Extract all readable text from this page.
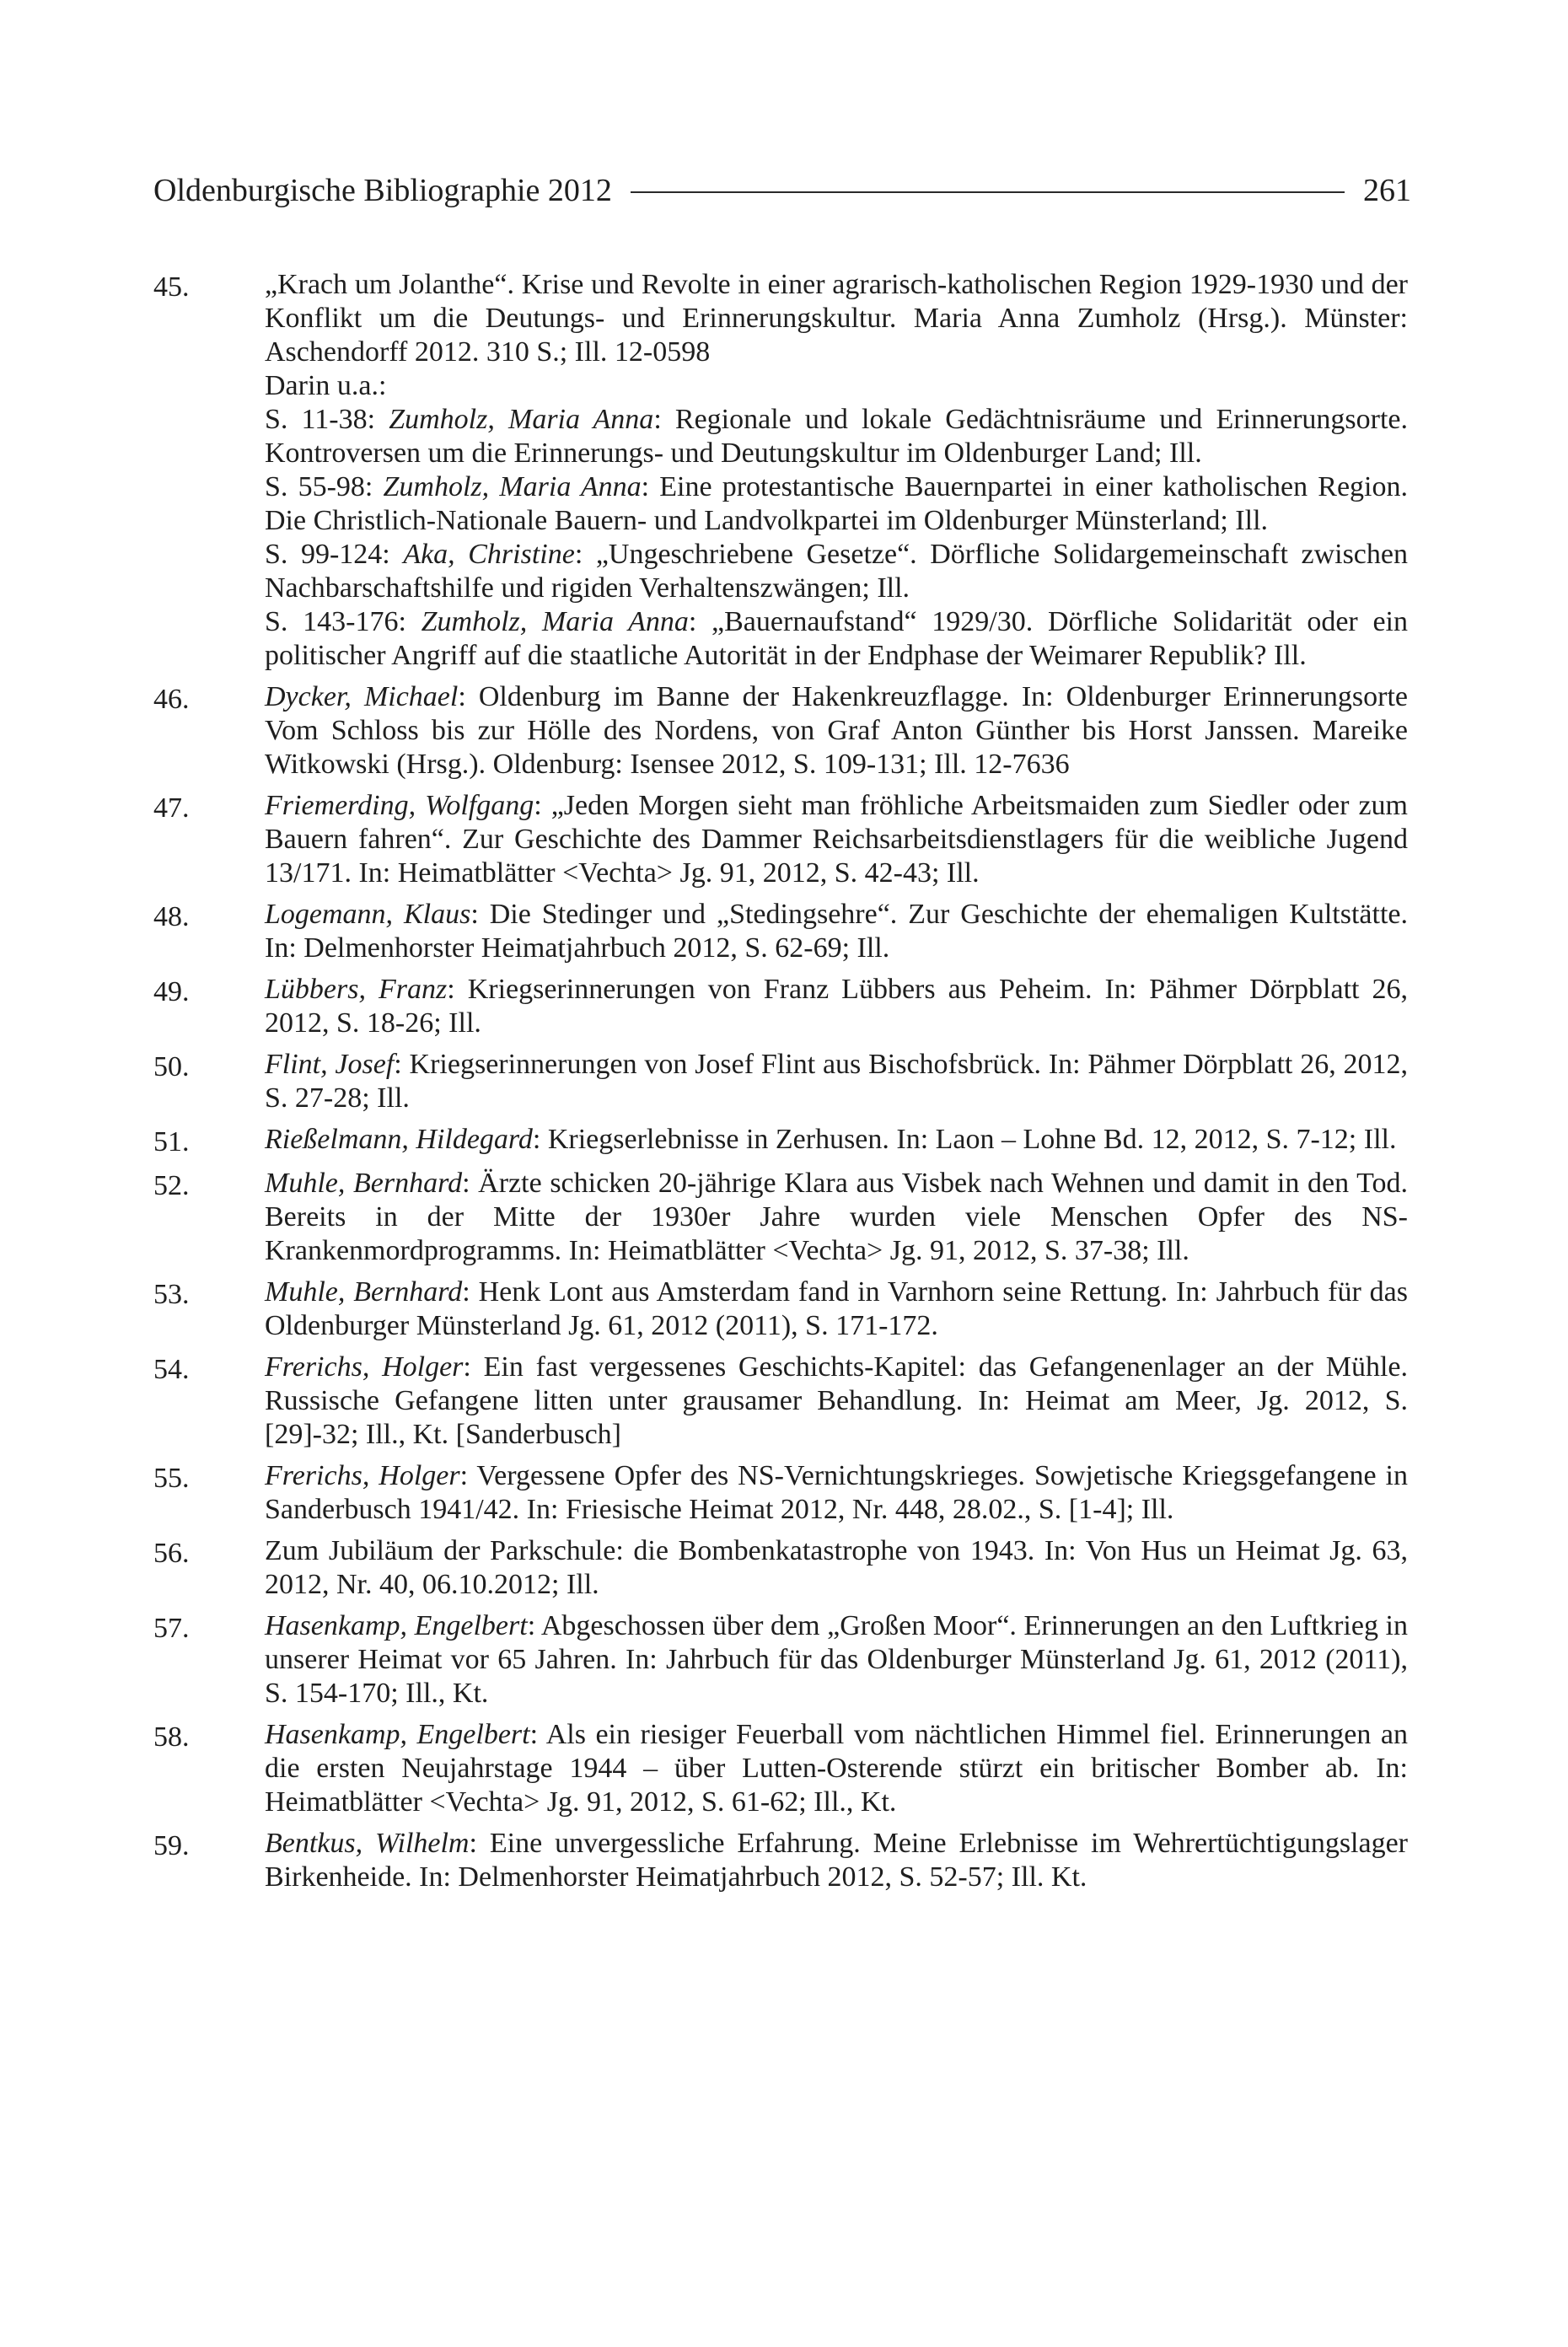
Oldenburgische Bibliographie 2012	261
45.	„Krach um Jolanthe“. Krise und Revolte in einer agrarisch-katholischen Region 1929-1930 und der Konflikt um die Deutungs- und Erinnerungskultur. Maria Anna Zumholz (Hrsg.). Münster: Aschendorff 2012. 310 S.; Ill. 12-0598

Darin u.a.:

S. 11-38: Zumholz, Maria Anna: Regionale und lokale Gedächtnisräume und Erinnerungsorte. Kontroversen um die Erinnerungs- und Deutungskultur im Oldenburger Land; Ill.

S. 55-98: Zumholz, Maria Anna: Eine protestantische Bauernpartei in einer katholischen Region. Die Christlich-Nationale Bauern- und Landvolkpartei im Oldenburger Münsterland; Ill.

S. 99-124: Aka, Christine: „Ungeschriebene Gesetze“. Dörfliche Solidargemeinschaft zwischen Nachbarschaftshilfe und rigiden Verhaltenszwängen; Ill.

S. 143-176: Zumholz, Maria Anna: „Bauernaufstand“ 1929/30. Dörfliche Solidarität oder ein politischer Angriff auf die staatliche Autorität in der Endphase der Weimarer Republik? Ill.

46.	Dycker, Michael: Oldenburg im Banne der Hakenkreuzflagge. In: Oldenburger Erinnerungsorte Vom Schloss bis zur Hölle des Nordens, von Graf Anton Günther bis Horst Janssen. Mareike Witkowski (Hrsg.). Oldenburg: Isensee 2012, S. 109-131; Ill. 12-7636

47.	Friemerding, Wolfgang: „Jeden Morgen sieht man fröhliche Arbeitsmaiden zum Siedler oder zum Bauern fahren“. Zur Geschichte des Dammer Reichsarbeitsdienstlagers für die weibliche Jugend 13/171. In: Heimatblätter <Vechta> Jg. 91, 2012, S. 42-43; Ill.

48.	Logemann, Klaus: Die Stedinger und „Stedingsehre“. Zur Geschichte der ehemaligen Kultstätte. In: Delmenhorster Heimatjahrbuch 2012, S. 62-69; Ill.

49.	Lübbers, Franz: Kriegserinnerungen von Franz Lübbers aus Peheim. In: Pähmer Dörpblatt 26, 2012, S. 18-26; Ill.

50.	Flint, Josef: Kriegserinnerungen von Josef Flint aus Bischofsbrück. In: Pähmer Dörpblatt 26, 2012, S. 27-28; Ill.

51.	Rießelmann, Hildegard: Kriegserlebnisse in Zerhusen. In: Laon – Lohne Bd. 12, 2012, S. 7-12; Ill.

52.	Muhle, Bernhard: Ärzte schicken 20-jährige Klara aus Visbek nach Wehnen und damit in den Tod. Bereits in der Mitte der 1930er Jahre wurden viele Menschen Opfer des NS-Krankenmordprogramms. In: Heimatblätter <Vechta> Jg. 91, 2012, S. 37-38; Ill.

53.	Muhle, Bernhard: Henk Lont aus Amsterdam fand in Varnhorn seine Rettung. In: Jahrbuch für das Oldenburger Münsterland Jg. 61, 2012 (2011), S. 171-172.

54.	Frerichs, Holger: Ein fast vergessenes Geschichts-Kapitel: das Gefangenenlager an der Mühle. Russische Gefangene litten unter grausamer Behandlung. In: Heimat am Meer, Jg. 2012, S. [29]-32; Ill., Kt. [Sanderbusch]

55.	Frerichs, Holger: Vergessene Opfer des NS-Vernichtungskrieges. Sowjetische Kriegsgefangene in Sanderbusch 1941/42. In: Friesische Heimat 2012, Nr. 448, 28.02., S. [1-4]; Ill.

56.	Zum Jubiläum der Parkschule: die Bombenkatastrophe von 1943. In: Von Hus un Heimat Jg. 63, 2012, Nr. 40, 06.10.2012; Ill.

57.	Hasenkamp, Engelbert: Abgeschossen über dem „Großen Moor“. Erinnerungen an den Luftkrieg in unserer Heimat vor 65 Jahren. In: Jahrbuch für das Oldenburger Münsterland Jg. 61, 2012 (2011), S. 154-170; Ill., Kt.

58.	Hasenkamp, Engelbert: Als ein riesiger Feuerball vom nächtlichen Himmel fiel. Erinnerungen an die ersten Neujahrstage 1944 – über Lutten-Osterende stürzt ein britischer Bomber ab. In: Heimatblätter <Vechta> Jg. 91, 2012, S. 61-62; Ill., Kt.

59.	Bentkus, Wilhelm: Eine unvergessliche Erfahrung. Meine Erlebnisse im Wehrertüchtigungslager Birkenheide. In: Delmenhorster Heimatjahrbuch 2012, S. 52-57; Ill. Kt.
